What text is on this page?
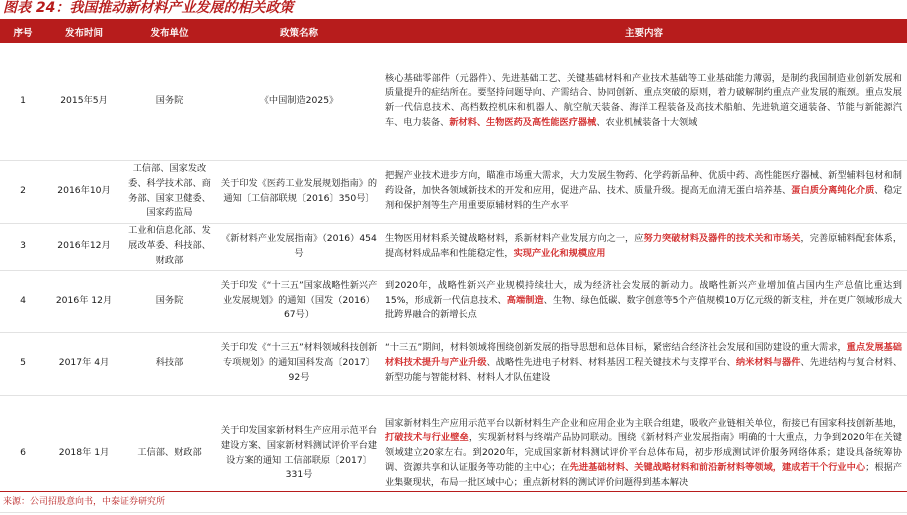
图表 24：我国推动新材料产业发展的相关政策
序号	发布时间	发布单位	政策名称	主要内容
1	2015年5月	国务院	《中国制造2025》	核心基础零部件（元器件）、先进基础工艺、关键基础材料和产业技术基础等工业基础能力薄弱，是制约我国制造业创新发展和质量提升的症结所在。要坚持问题导向、产需结合、协同创新、重点突破的原则，着力破解制约重点产业发展的瓶颈。重点发展新一代信息技术、高档数控机床和机器人、航空航天装备、海洋工程装备及高技术船舶、先进轨道交通装备、节能与新能源汽车、电力装备、新材料、生物医药及高性能医疗器械、农业机械装备十大领域
2	2016年10月	工信部、国家发改委、科学技术部、商务部、国家卫健委、国家药监局	关于印发《医药工业发展规划指南》的通知〔工信部联规〔2016〕350号〕	把握产业技术进步方向，瞄准市场重大需求，大力发展生物药、化学药新品种、优质中药、高性能医疗器械、新型辅料包材和制药设备，加快各领域新技术的开发和应用，促进产品、技术、质量升级。提高无血清无蛋白培养基、蛋白质分离纯化介质、稳定剂和保护剂等生产用重要原辅材料的生产水平
3	2016年12月	工业和信息化部、发展改革委、科技部、财政部	《新材料产业发展指南》（2016）454号	生物医用材料系关键战略材料，系新材料产业发展方向之一，应努力突破材料及器件的技术关和市场关，完善原辅料配套体系，提高材料成品率和性能稳定性，实现产业化和规模应用
4	2016年 12月	国务院	关于印发《“十三五”国家战略性新兴产业发展规划》的通知（国发（2016）67号）	到2020年，战略性新兴产业规模持续壮大，成为经济社会发展的新动力。战略性新兴产业增加值占国内生产总值比重达到15%，形成新一代信息技术、高端制造、生物、绿色低碳、数字创意等5个产值规模10万亿元级的新支柱，并在更广领域形成大批跨界融合的新增长点
5	2017年 4月	科技部	关于印发《“十三五”材料领域科技创新专项规划》的通知国科发高〔2017〕92号	“十三五”期间，材料领域将围绕创新发展的指导思想和总体目标，紧密结合经济社会发展和国防建设的重大需求，重点发展基础材料技术提升与产业升级、战略性先进电子材料、材料基因工程关键技术与支撑平台、纳米材料与器件、先进结构与复合材料、新型功能与智能材料、材料人才队伍建设
6	2018年 1月	工信部、财政部	关于印发国家新材料生产应用示范平台建设方案、国家新材料测试评价平台建设方案的通知 工信部联原〔2017〕331号	国家新材料生产应用示范平台以新材料生产企业和应用企业为主联合组建，吸收产业链相关单位，衔接已有国家科技创新基地，打破技术与行业壁垒，实现新材料与终端产品协同联动。围绕《新材料产业发展指南》明确的十大重点，力争到2020年在关键领域建立20家左右。到2020年，完成国家新材料测试评价平台总体布局，初步形成测试评价服务网络体系；建设具备统筹协调、资源共享和认证服务等功能的主中心；在先进基础材料、关键战略材料和前沿新材料等领域，建成若干个行业中心；根据产业集聚现状，布局一批区域中心；重点新材料的测试评价问题得到基本解决
来源：公司招股意向书，中泰证券研究所
